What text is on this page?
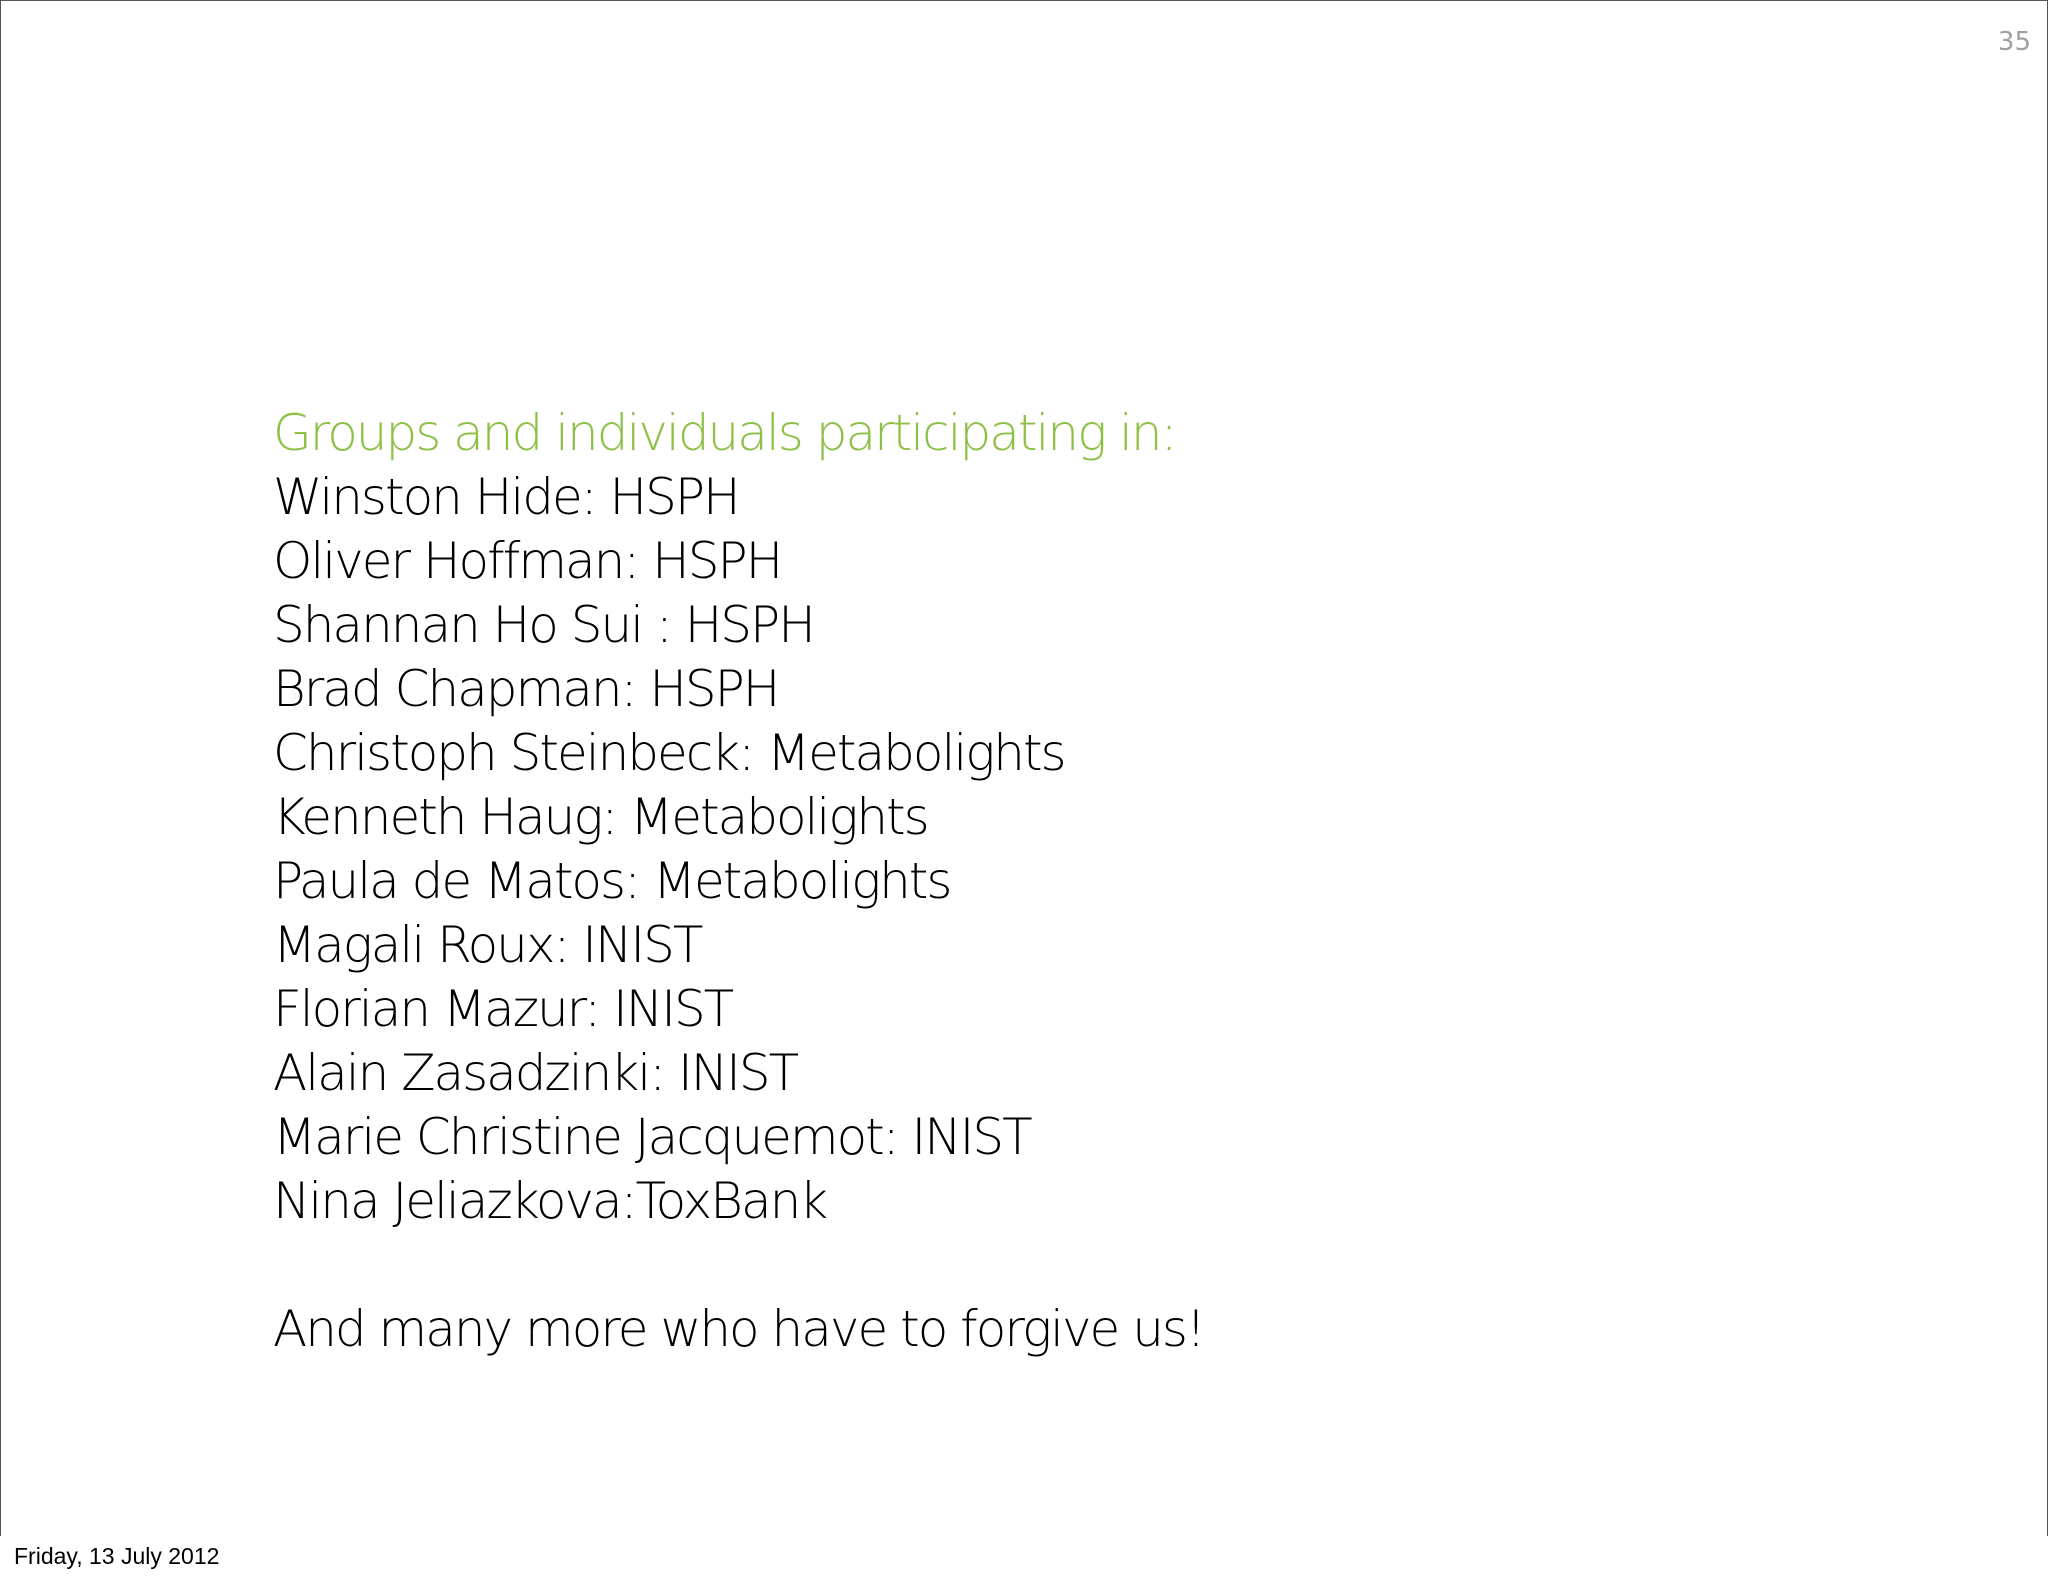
35
Groups and individuals participating in:
Winston Hide: HSPH
Oliver Hoffman: HSPH
Shannan Ho Sui : HSPH
Brad Chapman: HSPH
Christoph Steinbeck: Metabolights
Kenneth Haug: Metabolights
Paula de Matos: Metabolights
Magali Roux: INIST
Florian Mazur: INIST
Alain Zasadzinki: INIST
Marie Christine Jacquemot: INIST
Nina Jeliazkova:ToxBank
And many more who have to forgive us!
Friday, 13 July 2012
